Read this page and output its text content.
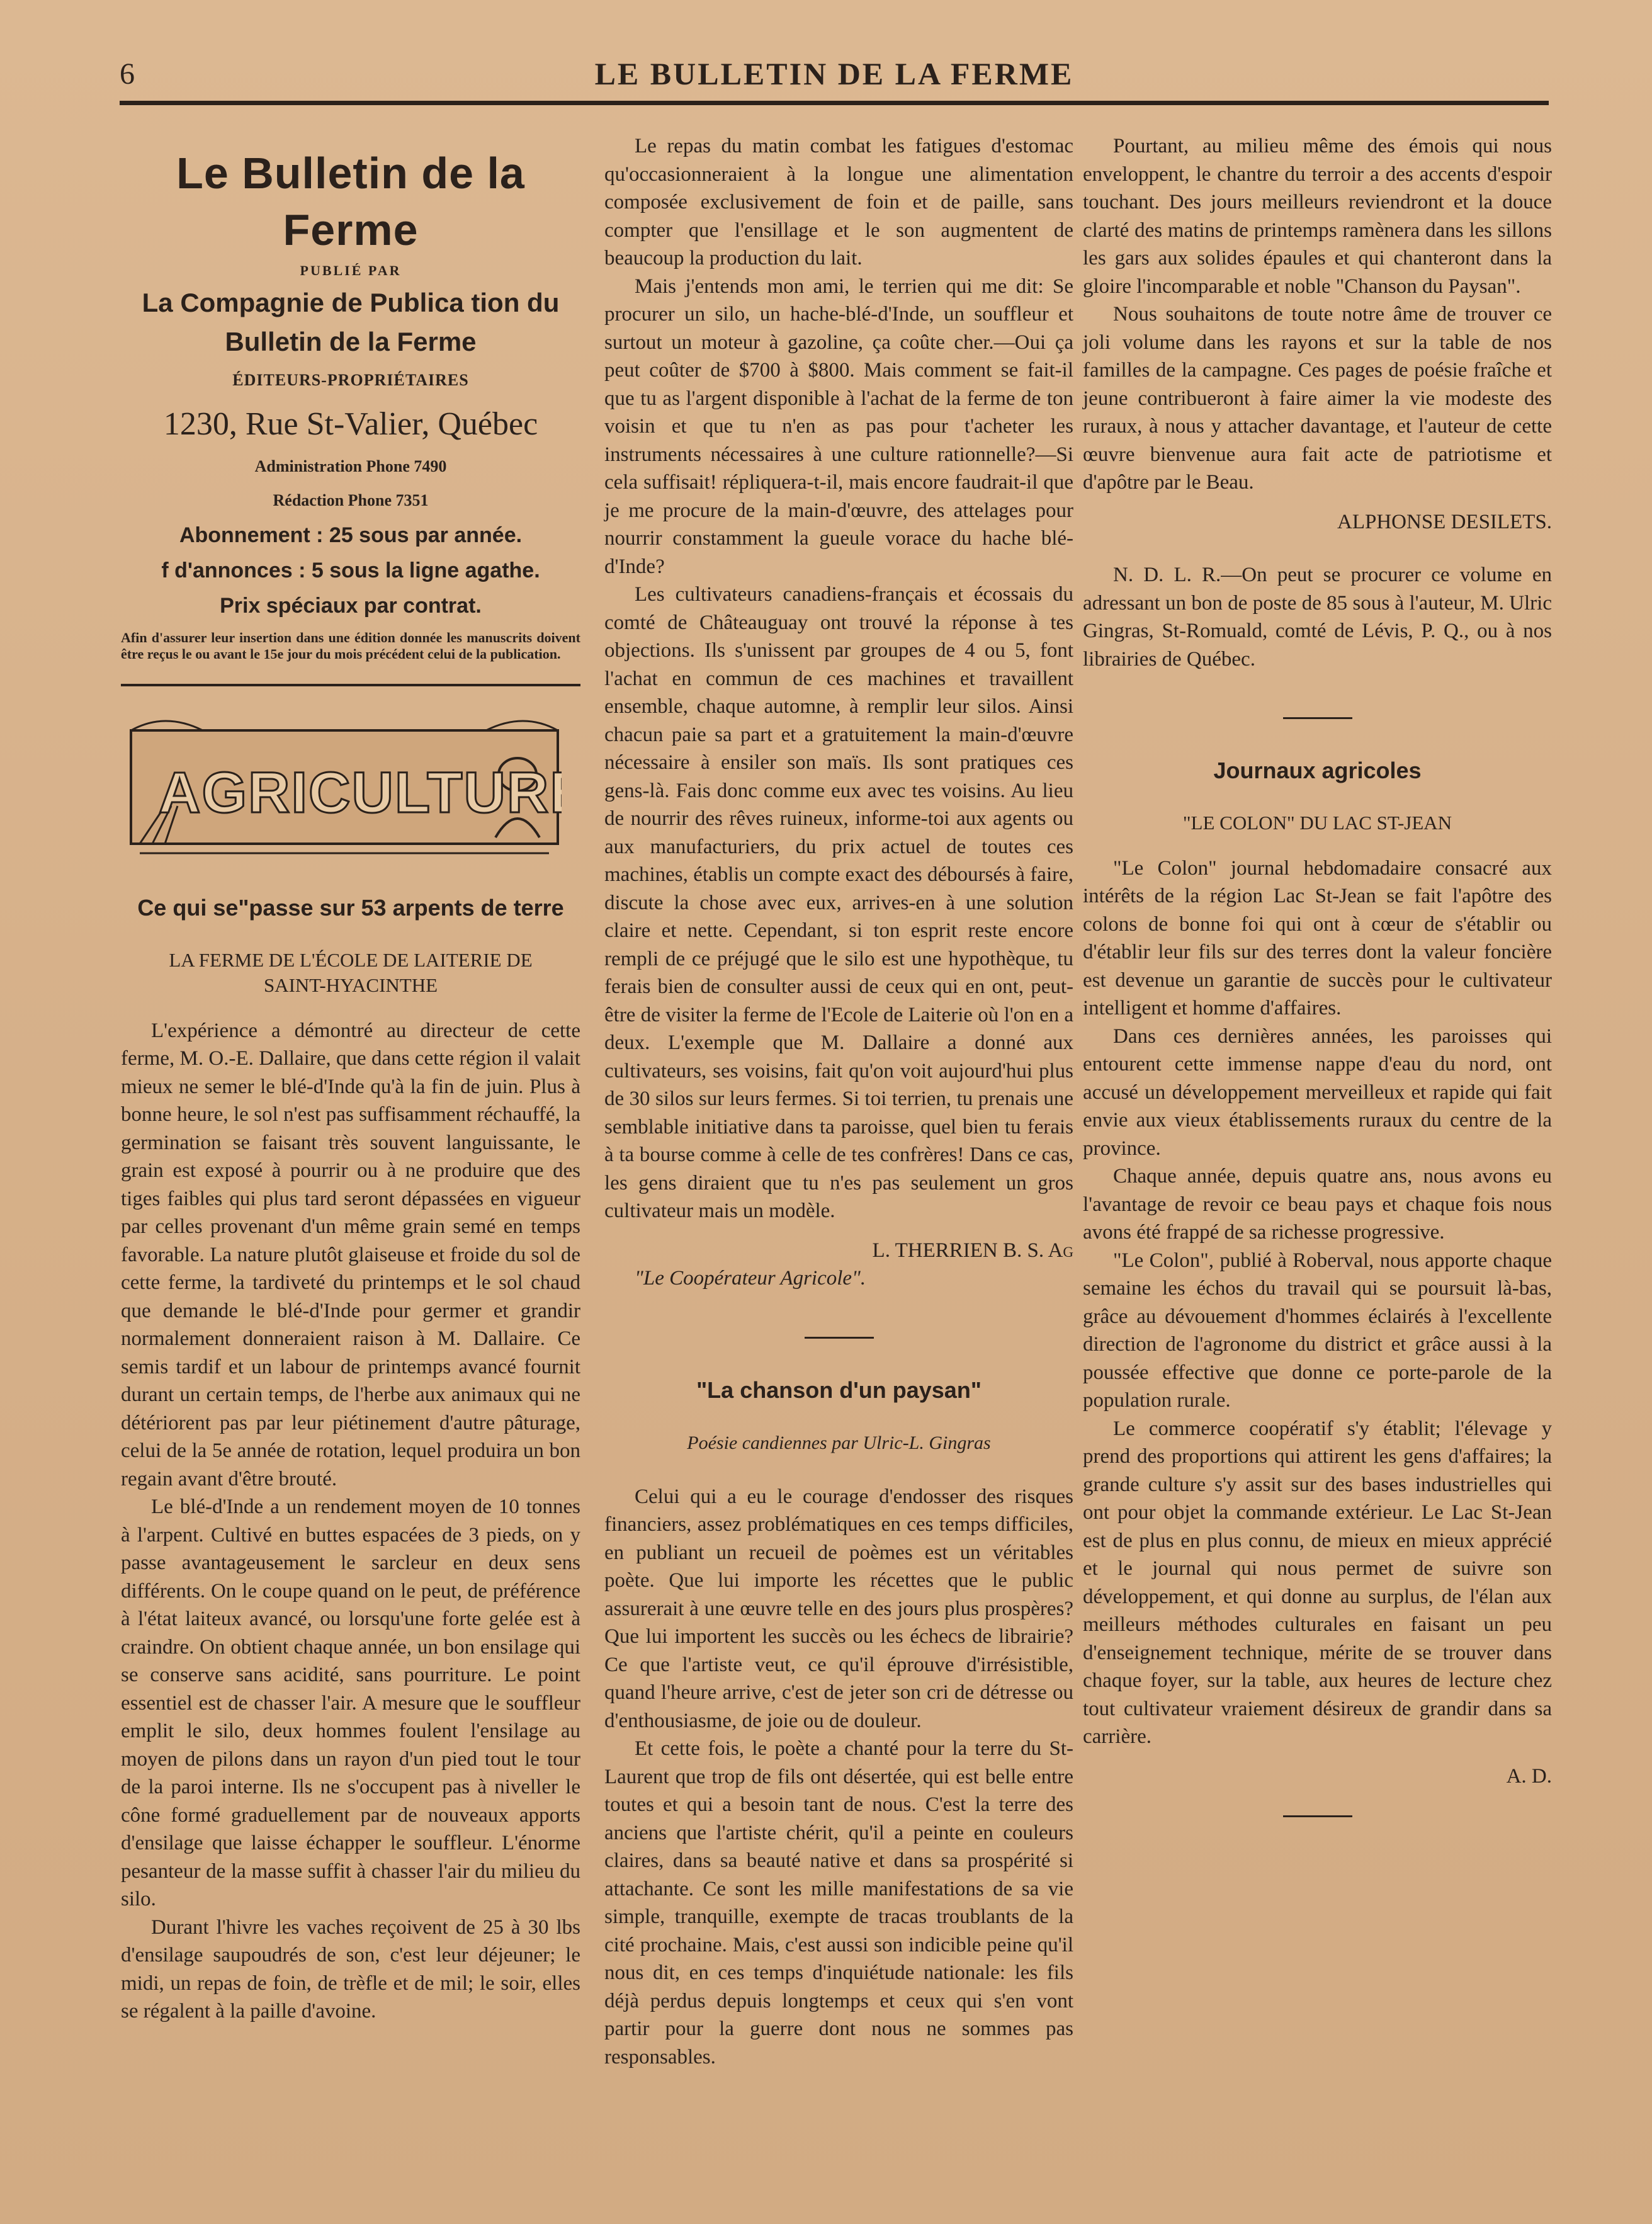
6	LE BULLETIN DE LA FERME
Le Bulletin de la Ferme
PUBLIÉ PAR
La Compagnie de Publica tion du
Bulletin de la Ferme
ÉDITEURS-PROPRIÉTAIRES
1230, Rue St-Valier, Québec
Administration Phone 7490
Rédaction Phone 7351
Abonnement : 25 sous par année.
f d'annonces : 5 sous la ligne agathe.
Prix spéciaux par contrat.
Afin d'assurer leur insertion dans une édition donnée les manuscrits doivent être reçus le ou avant le 15e jour du mois précédent celui de la publication.
AGRICULTURE
Ce qui se"passe sur 53 arpents de terre
LA FERME DE L'ÉCOLE DE LAITERIE DE
SAINT-HYACINTHE

L'expérience a démontré au directeur de cette ferme, M. O.-E. Dallaire, que dans cette région il valait mieux ne semer le blé-d'Inde qu'à la fin de juin. Plus à bonne heure, le sol n'est pas suffisamment réchauffé, la germination se faisant très souvent languissante, le grain est exposé à pourrir ou à ne produire que des tiges faibles qui plus tard seront dépassées en vigueur par celles provenant d'un même grain semé en temps favorable. La nature plutôt glaiseuse et froide du sol de cette ferme, la tardiveté du printemps et le sol chaud que demande le blé-d'Inde pour germer et grandir normalement donneraient raison à M. Dallaire. Ce semis tardif et un labour de printemps avancé fournit durant un certain temps, de l'herbe aux animaux qui ne détériorent pas par leur piétinement d'autre pâturage, celui de la 5e année de rotation, lequel produira un bon regain avant d'être brouté.

Le blé-d'Inde a un rendement moyen de 10 tonnes à l'arpent. Cultivé en buttes espacées de 3 pieds, on y passe avantageusement le sarcleur en deux sens différents. On le coupe quand on le peut, de préférence à l'état laiteux avancé, ou lorsqu'une forte gelée est à craindre. On obtient chaque année, un bon ensilage qui se conserve sans acidité, sans pourriture. Le point essentiel est de chasser l'air. A mesure que le souffleur emplit le silo, deux hommes foulent l'ensilage au moyen de pilons dans un rayon d'un pied tout le tour de la paroi interne. Ils ne s'occupent pas à niveller le cône formé graduellement par de nouveaux apports d'ensilage que laisse échapper le souffleur. L'énorme pesanteur de la masse suffit à chasser l'air du milieu du silo.

Durant l'hivre les vaches reçoivent de 25 à 30 lbs d'ensilage saupoudrés de son, c'est leur déjeuner; le midi, un repas de foin, de trèfle et de mil; le soir, elles se régalent à la paille d'avoine.

Le repas du matin combat les fatigues d'estomac qu'occasionneraient à la longue une alimentation composée exclusivement de foin et de paille, sans compter que l'ensillage et le son augmentent de beaucoup la production du lait.

Mais j'entends mon ami, le terrien qui me dit: Se procurer un silo, un hache-blé-d'Inde, un souffleur et surtout un moteur à gazoline, ça coûte cher.—Oui ça peut coûter de $700 à $800. Mais comment se fait-il que tu as l'argent disponible à l'achat de la ferme de ton voisin et que tu n'en as pas pour t'acheter les instruments nécessaires à une culture rationnelle?—Si cela suffisait! répliquera-t-il, mais encore faudrait-il que je me procure de la main-d'œuvre, des attelages pour nourrir constamment la gueule vorace du hache blé-d'Inde?

Les cultivateurs canadiens-français et écossais du comté de Châteauguay ont trouvé la réponse à tes objections. Ils s'unissent par groupes de 4 ou 5, font l'achat en commun de ces machines et travaillent ensemble, chaque automne, à remplir leur silos. Ainsi chacun paie sa part et a gratuitement la main-d'œuvre nécessaire à ensiler son maïs. Ils sont pratiques ces gens-là. Fais donc comme eux avec tes voisins. Au lieu de nourrir des rêves ruineux, informe-toi aux agents ou aux manufacturiers, du prix actuel de toutes ces machines, établis un compte exact des déboursés à faire, discute la chose avec eux, arrives-en à une solution claire et nette. Cependant, si ton esprit reste encore rempli de ce préjugé que le silo est une hypothèque, tu ferais bien de consulter aussi de ceux qui en ont, peut-être de visiter la ferme de l'Ecole de Laiterie où l'on en a deux. L'exemple que M. Dallaire a donné aux cultivateurs, ses voisins, fait qu'on voit aujourd'hui plus de 30 silos sur leurs fermes. Si toi terrien, tu prenais une semblable initiative dans ta paroisse, quel bien tu ferais à ta bourse comme à celle de tes confrères! Dans ce cas, les gens diraient que tu n'es pas seulement un gros cultivateur mais un modèle.

L. THERRIEN B. S. Ag

"Le Coopérateur Agricole".

"La chanson d'un paysan"
Poésie candiennes par Ulric-L. Gingras

Celui qui a eu le courage d'endosser des risques financiers, assez problématiques en ces temps difficiles, en publiant un recueil de poèmes est un véritables poète. Que lui importe les récettes que le public assurerait à une œuvre telle en des jours plus prospères? Que lui importent les succès ou les échecs de librairie? Ce que l'artiste veut, ce qu'il éprouve d'irrésistible, quand l'heure arrive, c'est de jeter son cri de détresse ou d'enthousiasme, de joie ou de douleur.

Et cette fois, le poète a chanté pour la terre du St-Laurent que trop de fils ont désertée, qui est belle entre toutes et qui a besoin tant de nous. C'est la terre des anciens que l'artiste chérit, qu'il a peinte en couleurs claires, dans sa beauté native et dans sa prospérité si attachante. Ce sont les mille manifestations de sa vie simple, tranquille, exempte de tracas troublants de la cité prochaine. Mais, c'est aussi son indicible peine qu'il nous dit, en ces temps d'inquiétude nationale: les fils déjà perdus depuis longtemps et ceux qui s'en vont partir pour la guerre dont nous ne sommes pas responsables.

Pourtant, au milieu même des émois qui nous enveloppent, le chantre du terroir a des accents d'espoir touchant. Des jours meilleurs reviendront et la douce clarté des matins de printemps ramènera dans les sillons les gars aux solides épaules et qui chanteront dans la gloire l'incomparable et noble "Chanson du Paysan".

Nous souhaitons de toute notre âme de trouver ce joli volume dans les rayons et sur la table de nos familles de la campagne. Ces pages de poésie fraîche et jeune contribueront à faire aimer la vie modeste des ruraux, à nous y attacher davantage, et l'auteur de cette œuvre bienvenue aura fait acte de patriotisme et d'apôtre par le Beau.

ALPHONSE DESILETS.

N. D. L. R.—On peut se procurer ce volume en adressant un bon de poste de 85 sous à l'auteur, M. Ulric Gingras, St-Romuald, comté de Lévis, P. Q., ou à nos librairies de Québec.

Journaux agricoles
"LE COLON" DU LAC ST-JEAN

"Le Colon" journal hebdomadaire consacré aux intérêts de la région Lac St-Jean se fait l'apôtre des colons de bonne foi qui ont à cœur de s'établir ou d'établir leur fils sur des terres dont la valeur foncière est devenue un garantie de succès pour le cultivateur intelligent et homme d'affaires.

Dans ces dernières années, les paroisses qui entourent cette immense nappe d'eau du nord, ont accusé un développement merveilleux et rapide qui fait envie aux vieux établissements ruraux du centre de la province.

Chaque année, depuis quatre ans, nous avons eu l'avantage de revoir ce beau pays et chaque fois nous avons été frappé de sa richesse progressive.

"Le Colon", publié à Roberval, nous apporte chaque semaine les échos du travail qui se poursuit là-bas, grâce au dévouement d'hommes éclairés à l'excellente direction de l'agronome du district et grâce aussi à la poussée effective que donne ce porte-parole de la population rurale.

Le commerce coopératif s'y établit; l'élevage y prend des proportions qui attirent les gens d'affaires; la grande culture s'y assit sur des bases industrielles qui ont pour objet la commande extérieur. Le Lac St-Jean est de plus en plus connu, de mieux en mieux apprécié et le journal qui nous permet de suivre son développement, et qui donne au surplus, de l'élan aux meilleurs méthodes culturales en faisant un peu d'enseignement technique, mérite de se trouver dans chaque foyer, sur la table, aux heures de lecture chez tout cultivateur vraiement désireux de grandir dans sa carrière.

A. D.
